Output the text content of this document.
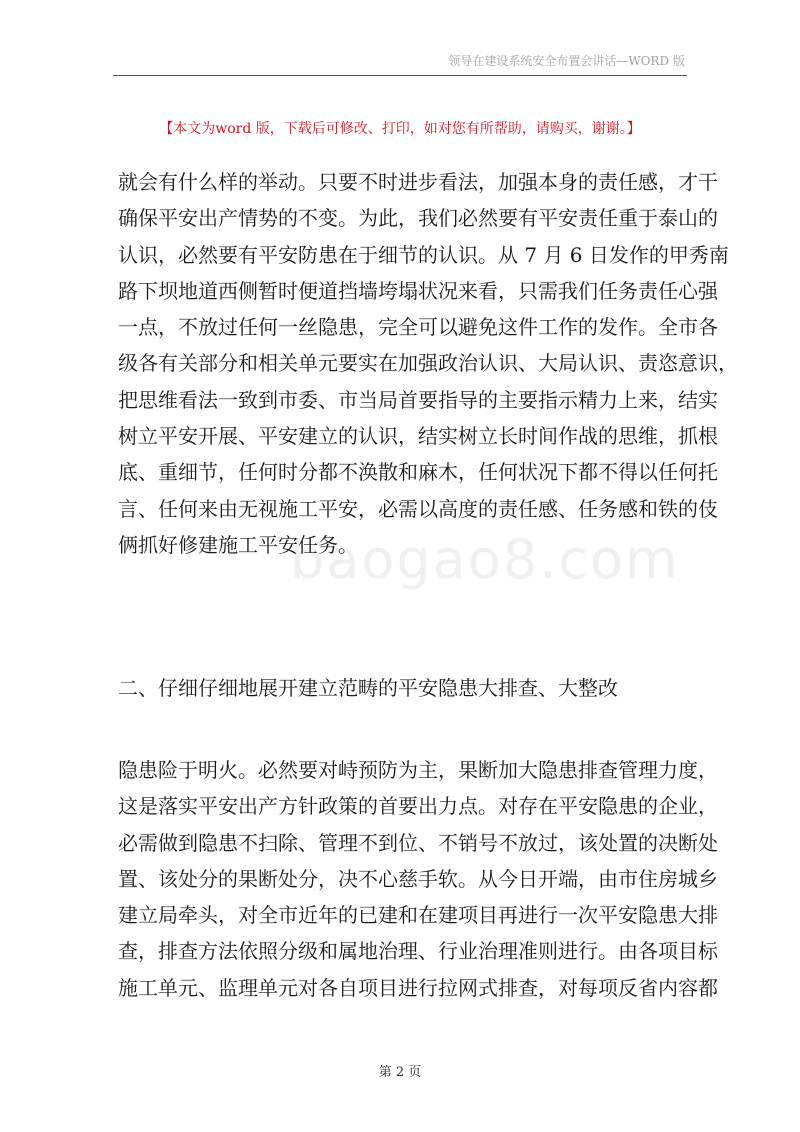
领导在建设系统安全布置会讲话—WORD 版
【本文为word 版，下载后可修改、打印，如对您有所帮助，请购买，谢谢。】
baogao8.com
就会有什么样的举动。只要不时进步看法，加强本身的责任感，才干
确保平安出产情势的不变。为此，我们必然要有平安责任重于泰山的
认识，必然要有平安防患在于细节的认识。从 7 月 6 日发作的甲秀南
路下坝地道西侧暂时便道挡墙垮塌状况来看，只需我们任务责任心强
一点，不放过任何一丝隐患，完全可以避免这件工作的发作。全市各
级各有关部分和相关单元要实在加强政治认识、大局认识、责恣意识，
把思维看法一致到市委、市当局首要指导的主要指示精力上来，结实
树立平安开展、平安建立的认识，结实树立长时间作战的思维，抓根
底、重细节，任何时分都不涣散和麻木，任何状况下都不得以任何托
言、任何来由无视施工平安，必需以高度的责任感、任务感和铁的伎
俩抓好修建施工平安任务。
二、仔细仔细地展开建立范畴的平安隐患大排查、大整改
隐患险于明火。必然要对峙预防为主，果断加大隐患排查管理力度，
这是落实平安出产方针政策的首要出力点。对存在平安隐患的企业，
必需做到隐患不扫除、管理不到位、不销号不放过，该处置的决断处
置、该处分的果断处分，决不心慈手软。从今日开端，由市住房城乡
建立局牵头，对全市近年的已建和在建项目再进行一次平安隐患大排
查，排查方法依照分级和属地治理、行业治理准则进行。由各项目标
施工单元、监理单元对各自项目进行拉网式排查，对每项反省内容都
第 2 页
